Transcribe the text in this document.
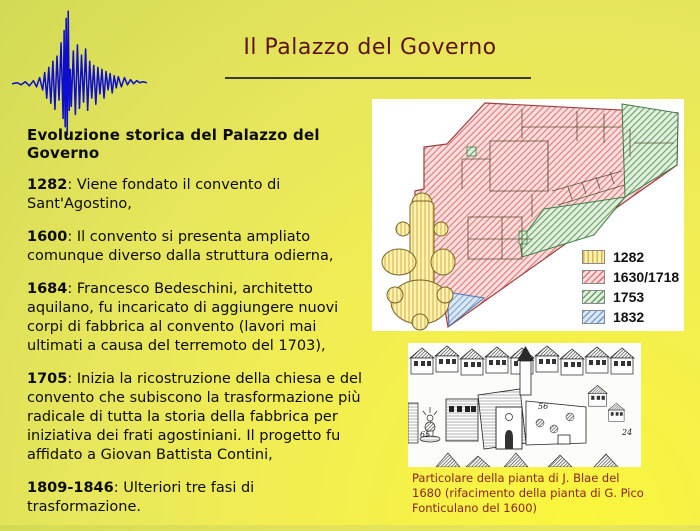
Il Palazzo del Governo
Evoluzione storica del Palazzo del Governo

1282: Viene fondato il convento di Sant'Agostino,

1600: Il convento si presenta ampliato comunque diverso dalla struttura odierna,

1684: Francesco Bedeschini, architetto aquilano, fu incaricato di aggiungere nuovi corpi di fabbrica al convento (lavori mai ultimati a causa del terremoto del 1703),

1705: Inizia la ricostruzione della chiesa e del convento che subiscono la trasformazione più radicale di tutta la storia della fabbrica per iniziativa dei frati agostiniani. Il progetto fu affidato a Giovan Battista Contini,

1809-1846: Ulteriori tre fasi di trasformazione.

1282
1630/1718
1753
1832
65
56
24
Particolare della pianta di J. Blae del 1680 (rifacimento della pianta di G. Pico Fonticulano del 1600)
